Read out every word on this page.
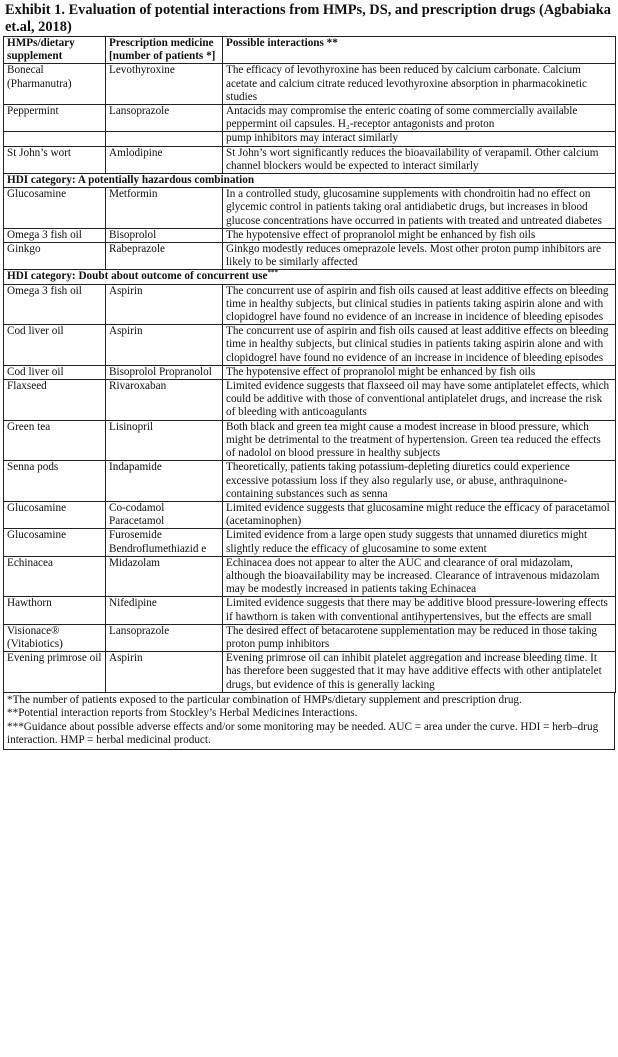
Exhibit 1. Evaluation of potential interactions from HMPs, DS, and prescription drugs (Agbabiaka et.al, 2018)
HMPs/dietary supplement	Prescription medicine [number of patients *]	Possible interactions **
Bonecal (Pharmanutra)	Levothyroxine	The efficacy of levothyroxine has been reduced by calcium carbonate. Calcium acetate and calcium citrate reduced levothyroxine absorption in pharmacokinetic studies
Peppermint	Lansoprazole	Antacids may compromise the enteric coating of some commercially available peppermint oil capsules. H₂-receptor antagonists and proton
		pump inhibitors may interact similarly
St John’s wort	Amlodipine	St John’s wort significantly reduces the bioavailability of verapamil. Other calcium channel blockers would be expected to interact similarly
HDI category: A potentially hazardous combination		
Glucosamine	Metformin	In a controlled study, glucosamine supplements with chondroitin had no effect on glycemic control in patients taking oral antidiabetic drugs, but increases in blood glucose concentrations have occurred in patients with treated and untreated diabetes
Omega 3 fish oil	Bisoprolol	The hypotensive effect of propranolol might be enhanced by fish oils
Ginkgo	Rabeprazole	Ginkgo modestly reduces omeprazole levels. Most other proton pump inhibitors are likely to be similarly affected
HDI category: Doubt about outcome of concurrent use***
Omega 3 fish oil	Aspirin	The concurrent use of aspirin and fish oils caused at least additive effects on bleeding time in healthy subjects, but clinical studies in patients taking aspirin alone and with clopidogrel have found no evidence of an increase in incidence of bleeding episodes
Cod liver oil	Aspirin	The concurrent use of aspirin and fish oils caused at least additive effects on bleeding time in healthy subjects, but clinical studies in patients taking aspirin alone and with clopidogrel have found no evidence of an increase in incidence of bleeding episodes
Cod liver oil	Bisoprolol Propranolol	The hypotensive effect of propranolol might be enhanced by fish oils
Flaxseed	Rivaroxaban	Limited evidence suggests that flaxseed oil may have some antiplatelet effects, which could be additive with those of conventional antiplatelet drugs, and increase the risk of bleeding with anticoagulants
Green tea	Lisinopril	Both black and green tea might cause a modest increase in blood pressure, which might be detrimental to the treatment of hypertension. Green tea reduced the effects of nadolol on blood pressure in healthy subjects
Senna pods	Indapamide	Theoretically, patients taking potassium-depleting diuretics could experience excessive potassium loss if they also regularly use, or abuse, anthraquinone-containing substances such as senna
Glucosamine	Co-codamol Paracetamol	Limited evidence suggests that glucosamine might reduce the efficacy of paracetamol (acetaminophen)
Glucosamine	Furosemide Bendroflumethiazid e	Limited evidence from a large open study suggests that unnamed diuretics might slightly reduce the efficacy of glucosamine to some extent
Echinacea	Midazolam	Echinacea does not appear to alter the AUC and clearance of oral midazolam, although the bioavailability may be increased. Clearance of intravenous midazolam may be modestly increased in patients taking Echinacea
Hawthorn	Nifedipine	Limited evidence suggests that there may be additive blood pressure-lowering effects if hawthorn is taken with conventional antihypertensives, but the effects are small
Visionace® (Vitabiotics)	Lansoprazole	The desired effect of betacarotene supplementation may be reduced in those taking proton pump inhibitors
Evening primrose oil	Aspirin	Evening primrose oil can inhibit platelet aggregation and increase bleeding time. It has therefore been suggested that it may have additive effects with other antiplatelet drugs, but evidence of this is generally lacking
*The number of patients exposed to the particular combination of HMPs/dietary supplement and prescription drug.
**Potential interaction reports from Stockley’s Herbal Medicines Interactions.
***Guidance about possible adverse effects and/or some monitoring may be needed. AUC = area under the curve. HDI = herb–drug interaction. HMP = herbal medicinal product.
